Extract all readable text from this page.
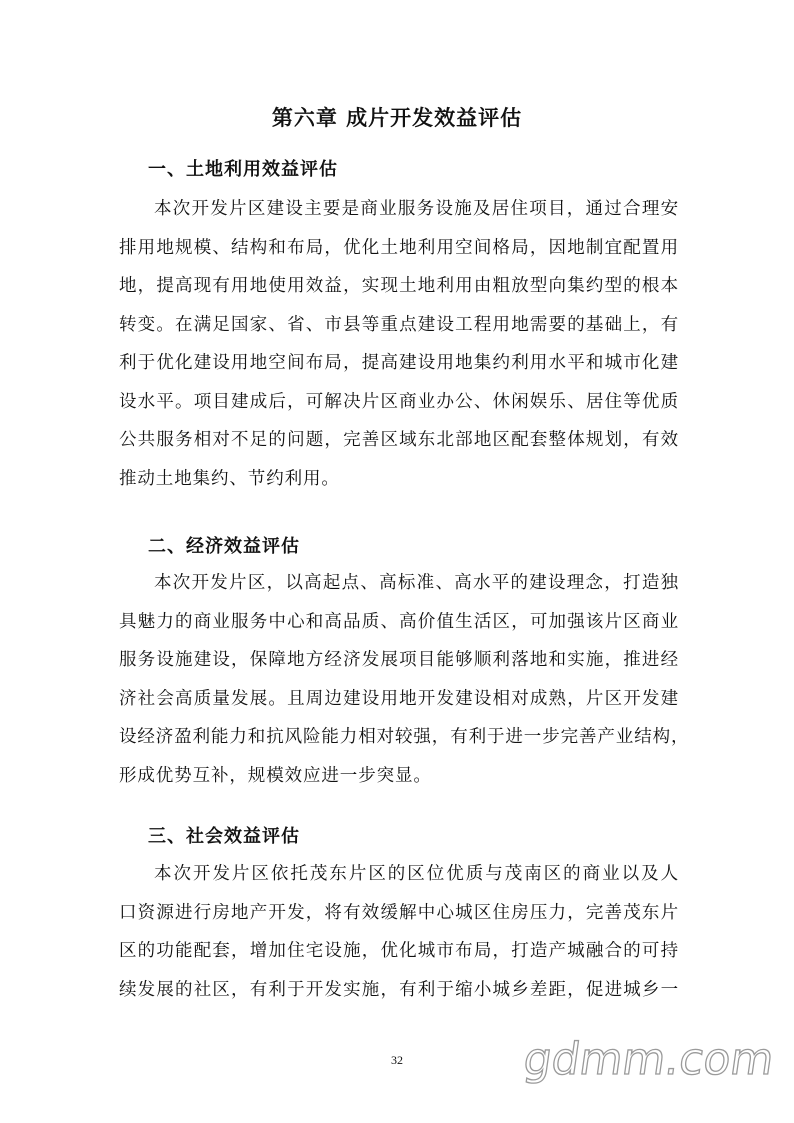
第六章 成片开发效益评估
一、土地利用效益评估
本次开发片区建设主要是商业服务设施及居住项目，通过合理安
排用地规模、结构和布局，优化土地利用空间格局，因地制宜配置用
地，提高现有用地使用效益，实现土地利用由粗放型向集约型的根本
转变。在满足国家、省、市县等重点建设工程用地需要的基础上，有
利于优化建设用地空间布局，提高建设用地集约利用水平和城市化建
设水平。项目建成后，可解决片区商业办公、休闲娱乐、居住等优质
公共服务相对不足的问题，完善区域东北部地区配套整体规划，有效
推动土地集约、节约利用。
二、经济效益评估
本次开发片区，以高起点、高标准、高水平的建设理念，打造独
具魅力的商业服务中心和高品质、高价值生活区，可加强该片区商业
服务设施建设，保障地方经济发展项目能够顺利落地和实施，推进经
济社会高质量发展。且周边建设用地开发建设相对成熟，片区开发建
设经济盈利能力和抗风险能力相对较强，有利于进一步完善产业结构，
形成优势互补，规模效应进一步突显。
三、社会效益评估
本次开发片区依托茂东片区的区位优质与茂南区的商业以及人
口资源进行房地产开发，将有效缓解中心城区住房压力，完善茂东片
区的功能配套，增加住宅设施，优化城市布局，打造产城融合的可持
续发展的社区，有利于开发实施，有利于缩小城乡差距，促进城乡一
32	gdmm.com
